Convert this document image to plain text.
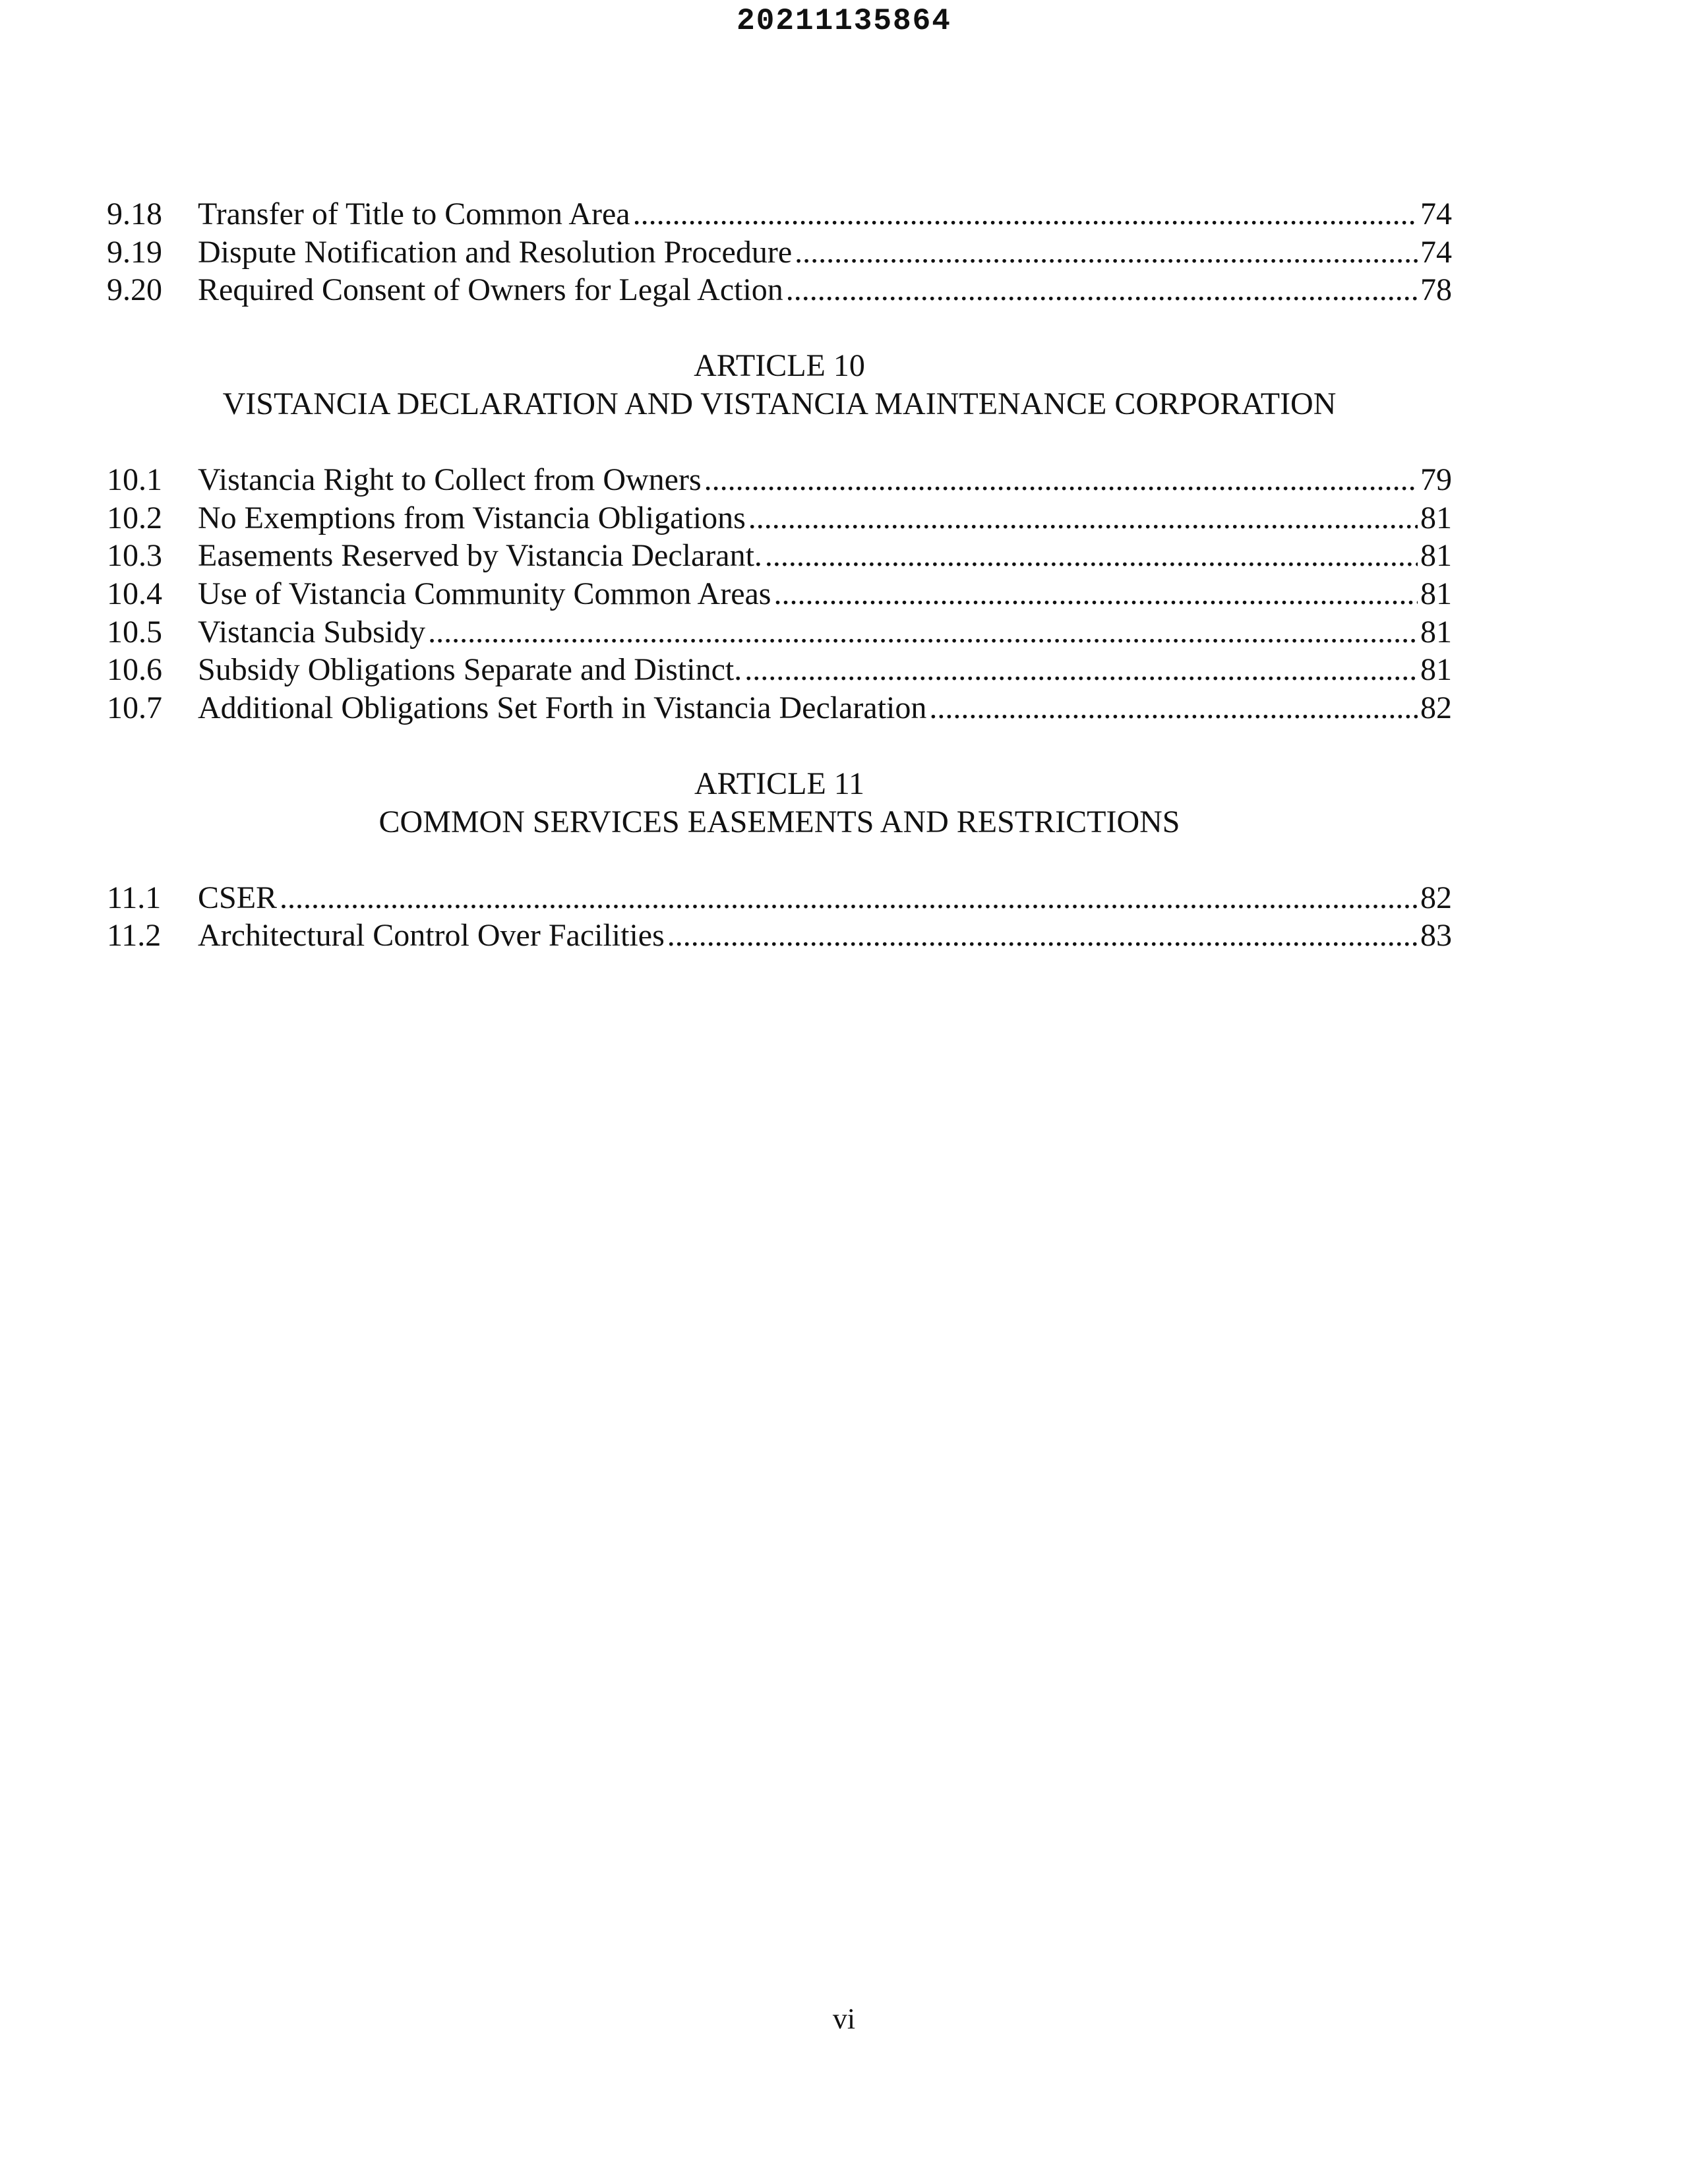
20211135864
9.18	Transfer of Title to Common Area . . .	74
9.19	Dispute Notification and Resolution Procedure . . .	74
9.20	Required Consent of Owners for Legal Action . . .	78
ARTICLE 10
VISTANCIA DECLARATION AND VISTANCIA MAINTENANCE CORPORATION
10.1	Vistancia Right to Collect from Owners . . .	79
10.2	No Exemptions from Vistancia Obligations . . .	81
10.3	Easements Reserved by Vistancia Declarant. . . .	81
10.4	Use of Vistancia Community Common Areas . . .	81
10.5	Vistancia Subsidy . . .	81
10.6	Subsidy Obligations Separate and Distinct. . . .	81
10.7	Additional Obligations Set Forth in Vistancia Declaration . . .	82
ARTICLE 11
COMMON SERVICES EASEMENTS AND RESTRICTIONS
11.1	CSER . . .	82
11.2	Architectural Control Over Facilities . . .	83
vi
